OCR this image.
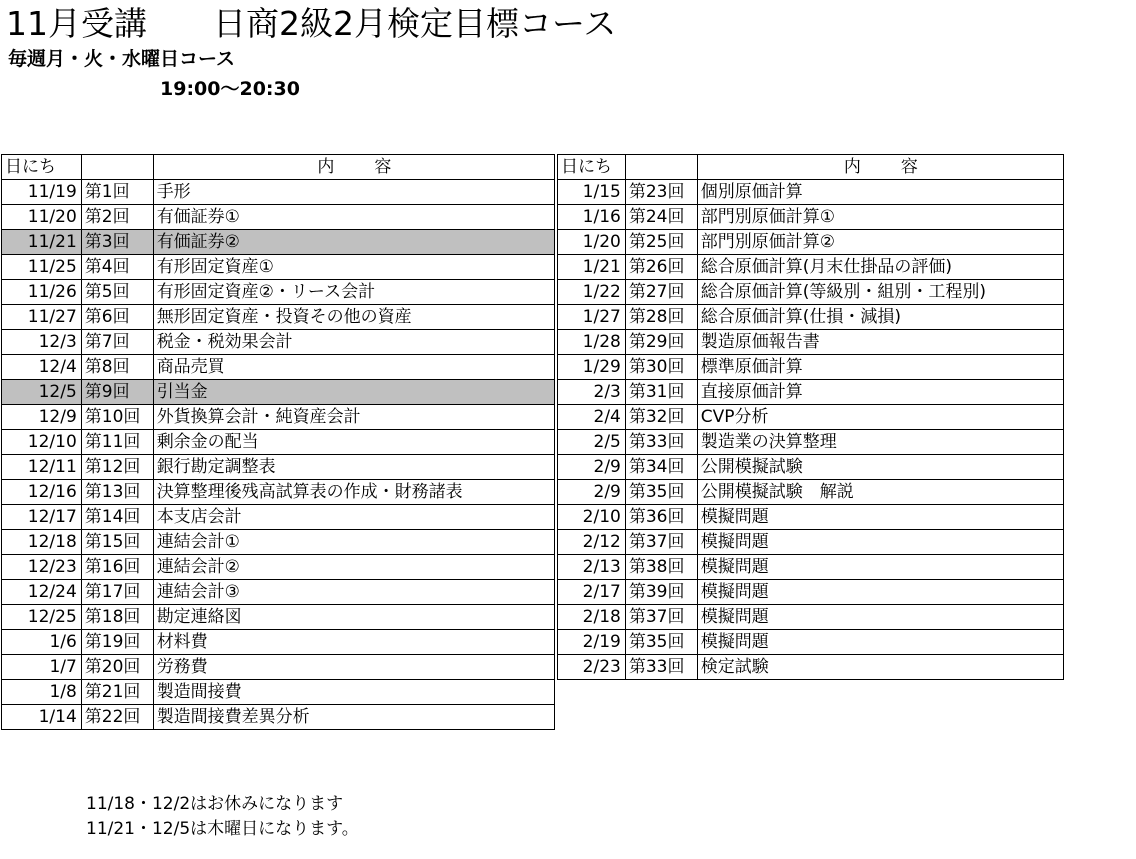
11月受講　　日商2級2月検定目標コース
毎週月・火・水曜日コース
19:00～20:30
日にち		内　　容
11/19	第1回	手形
11/20	第2回	有価証券①
11/21	第3回	有価証券②
11/25	第4回	有形固定資産①
11/26	第5回	有形固定資産②・リース会計
11/27	第6回	無形固定資産・投資その他の資産
12/3	第7回	税金・税効果会計
12/4	第8回	商品売買
12/5	第9回	引当金
12/9	第10回	外貨換算会計・純資産会計
12/10	第11回	剰余金の配当
12/11	第12回	銀行勘定調整表
12/16	第13回	決算整理後残高試算表の作成・財務諸表
12/17	第14回	本支店会計
12/18	第15回	連結会計①
12/23	第16回	連結会計②
12/24	第17回	連結会計③
12/25	第18回	勘定連絡図
1/6	第19回	材料費
1/7	第20回	労務費
1/8	第21回	製造間接費
1/14	第22回	製造間接費差異分析
日にち		内　　容
1/15	第23回	個別原価計算
1/16	第24回	部門別原価計算①
1/20	第25回	部門別原価計算②
1/21	第26回	総合原価計算(月末仕掛品の評価)
1/22	第27回	総合原価計算(等級別・組別・工程別)
1/27	第28回	総合原価計算(仕損・減損)
1/28	第29回	製造原価報告書
1/29	第30回	標準原価計算
2/3	第31回	直接原価計算
2/4	第32回	CVP分析
2/5	第33回	製造業の決算整理
2/9	第34回	公開模擬試験
2/9	第35回	公開模擬試験　解説
2/10	第36回	模擬問題
2/12	第37回	模擬問題
2/13	第38回	模擬問題
2/17	第39回	模擬問題
2/18	第37回	模擬問題
2/19	第35回	模擬問題
2/23	第33回	検定試験
11/18・12/2はお休みになります
11/21・12/5は木曜日になります。
